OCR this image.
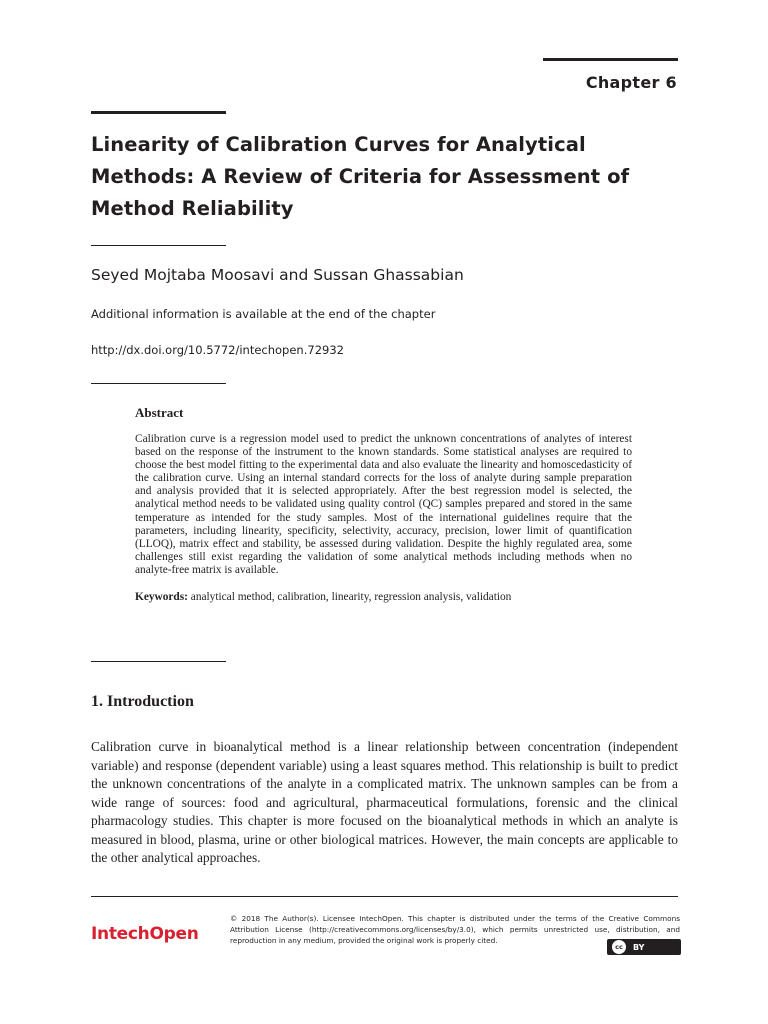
Chapter 6
Linearity of Calibration Curves for Analytical Methods: A Review of Criteria for Assessment of Method Reliability
Seyed Mojtaba Moosavi and Sussan Ghassabian
Additional information is available at the end of the chapter
http://dx.doi.org/10.5772/intechopen.72932
Abstract

Calibration curve is a regression model used to predict the unknown concentrations of analytes of interest based on the response of the instrument to the known standards. Some statistical analyses are required to choose the best model fitting to the experimental data and also evaluate the linearity and homoscedasticity of the calibration curve. Using an internal standard corrects for the loss of analyte during sample preparation and analysis provided that it is selected appropriately. After the best regression model is selected, the analytical method needs to be validated using quality control (QC) samples prepared and stored in the same temperature as intended for the study samples. Most of the international guidelines require that the parameters, including linearity, specificity, selectivity, accuracy, precision, lower limit of quantification (LLOQ), matrix effect and stability, be assessed during validation. Despite the highly regulated area, some challenges still exist regarding the validation of some analytical methods including methods when no analyte-free matrix is available.

Keywords: analytical method, calibration, linearity, regression analysis, validation
1. Introduction

Calibration curve in bioanalytical method is a linear relationship between concentration (independent variable) and response (dependent variable) using a least squares method. This relationship is built to predict the unknown concentrations of the analyte in a complicated matrix. The unknown samples can be from a wide range of sources: food and agricultural, pharmaceutical formulations, forensic and the clinical pharmacology studies. This chapter is more focused on the bioanalytical methods in which an analyte is measured in blood, plasma, urine or other biological matrices. However, the main concepts are applicable to the other analytical approaches.

IntechOpen
© 2018 The Author(s). Licensee IntechOpen. This chapter is distributed under the terms of the Creative Commons Attribution License (http://creativecommons.org/licenses/by/3.0), which permits unrestricted use, distribution, and reproduction in any medium, provided the original work is properly cited.
cc	BY
